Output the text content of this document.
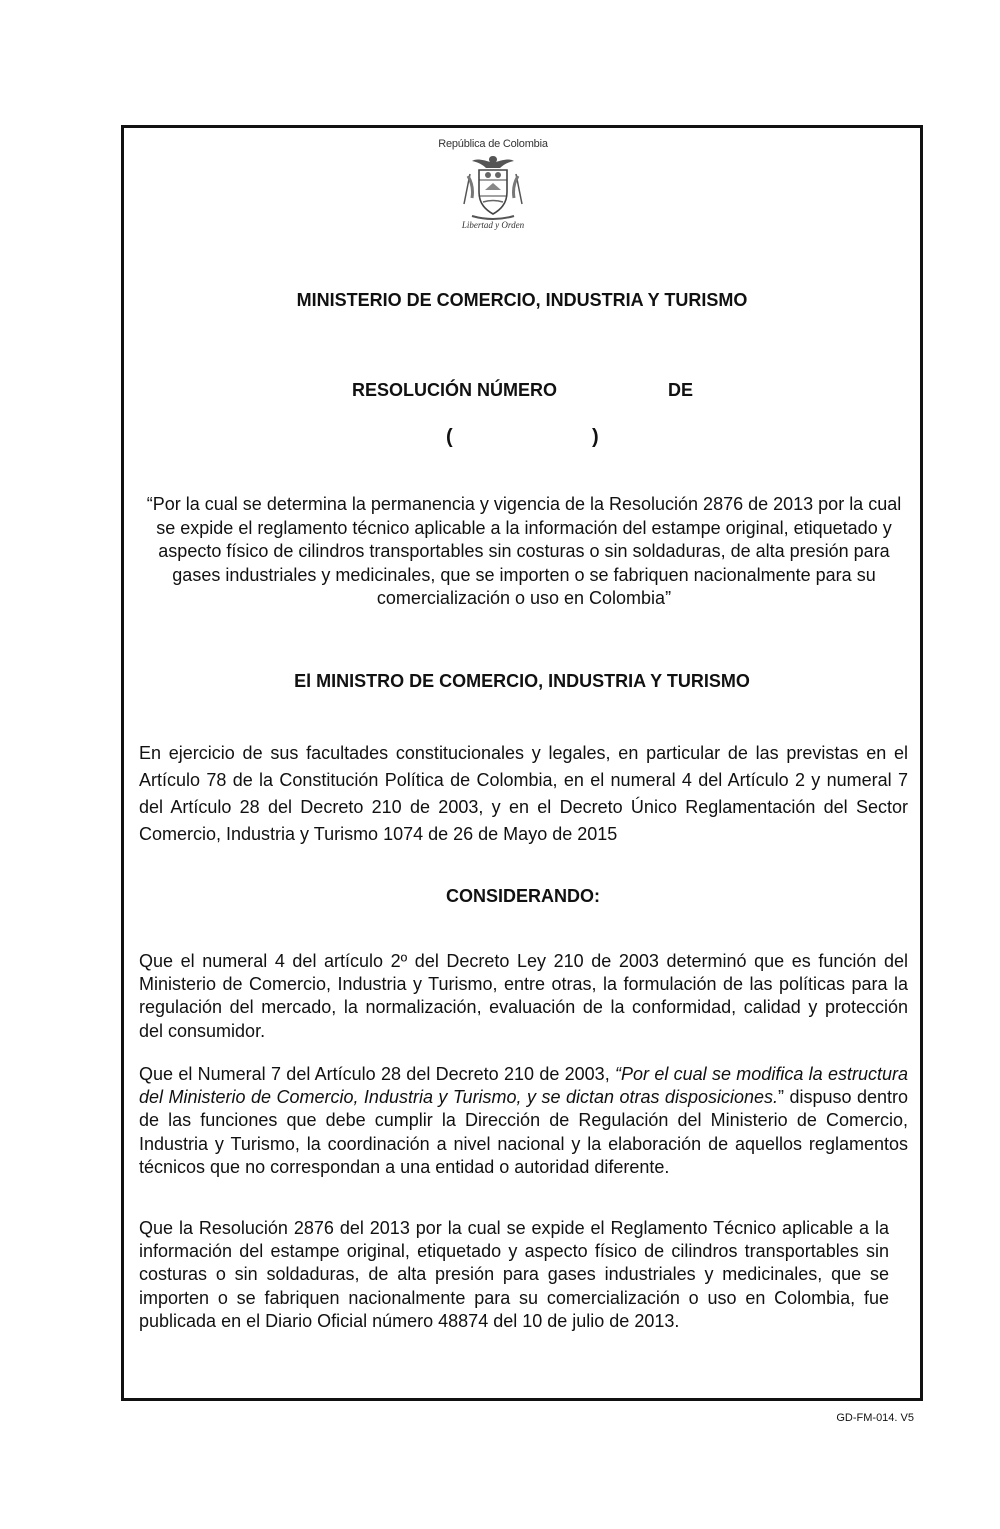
República de Colombia
Libertad y Orden
MINISTERIO DE COMERCIO, INDUSTRIA Y TURISMO
RESOLUCIÓN NÚMERO	DE
(	)
“Por la cual se determina la permanencia y vigencia de la Resolución 2876 de 2013 por la cual se expide el reglamento técnico aplicable a la información del estampe original, etiquetado y aspecto físico de cilindros transportables sin costuras o sin soldaduras, de alta presión para gases industriales y medicinales, que se importen o se fabriquen nacionalmente para su comercialización o uso en Colombia”
El MINISTRO DE COMERCIO, INDUSTRIA Y TURISMO
En ejercicio de sus facultades constitucionales y legales, en particular de las previstas en el Artículo 78 de la Constitución Política de Colombia, en el numeral 4 del Artículo 2 y numeral 7 del Artículo 28 del Decreto 210 de 2003, y en el Decreto Único Reglamentación del Sector Comercio, Industria y Turismo 1074 de 26 de Mayo de 2015
CONSIDERANDO:
Que el numeral 4 del artículo 2º del Decreto Ley 210 de 2003 determinó que es función del Ministerio de Comercio, Industria y Turismo, entre otras, la formulación de las políticas para la regulación del mercado, la normalización, evaluación de la conformidad, calidad y protección del consumidor.
Que el Numeral 7 del Artículo 28 del Decreto 210 de 2003, “Por el cual se modifica la estructura del Ministerio de Comercio, Industria y Turismo, y se dictan otras disposiciones.” dispuso dentro de las funciones que debe cumplir la Dirección de Regulación del Ministerio de Comercio, Industria y Turismo, la coordinación a nivel nacional y la elaboración de aquellos reglamentos técnicos que no correspondan a una entidad o autoridad diferente.
Que la Resolución 2876 del 2013 por la cual se expide el Reglamento Técnico aplicable a la información del estampe original, etiquetado y aspecto físico de cilindros transportables sin costuras o sin soldaduras, de alta presión para gases industriales y medicinales, que se importen o se fabriquen nacionalmente para su comercialización o uso en Colombia, fue publicada en el Diario Oficial número 48874 del 10 de julio de 2013.
GD-FM-014. V5
